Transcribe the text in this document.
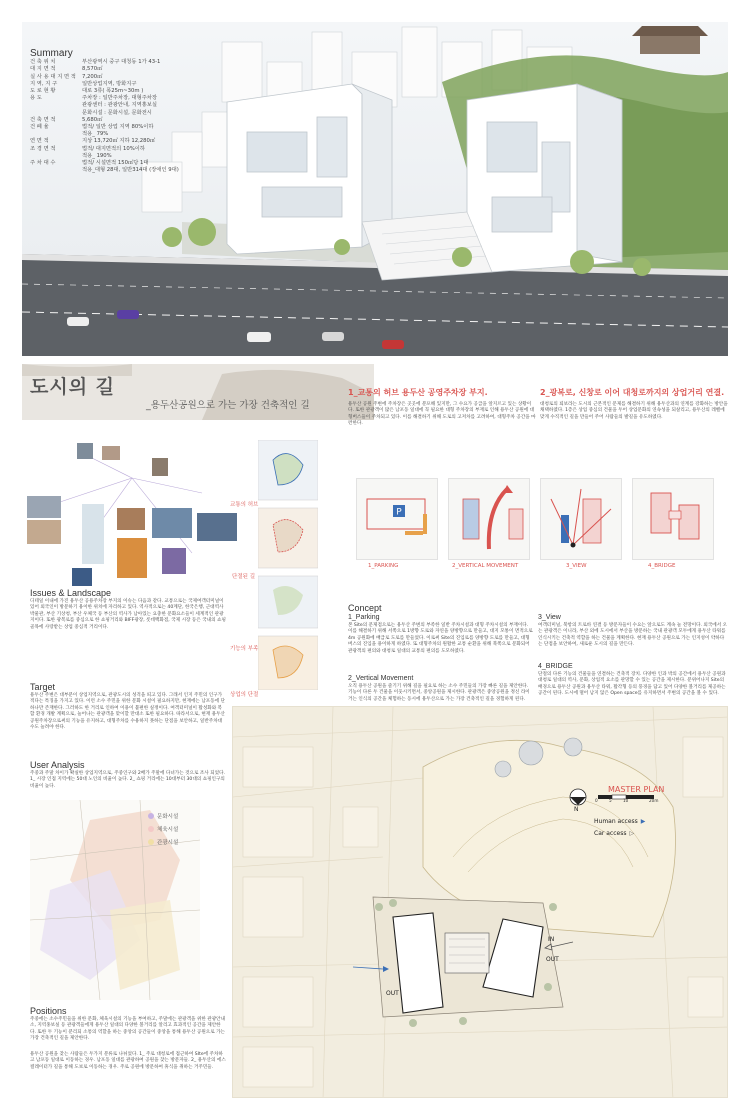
Summary
건 축 위 치	부산광역시 중구 대청동 1가 43-1
대 지 면 적	8,570㎡
실 사 용 대 지 면 적	7,200㎡
지 역, 지 구	일반상업지역, 방화지구
도 로 현 황	대로 3류( 폭25m~30m )
용 도	주차장 : 일반주차장, 대형주차장
관광센터 : 관광안내, 지역홍보실
문화시설 : 문화시설, 문화전시
건 축 면 적	5,680㎡
건 폐 율	법적/ 일반 상업 지역 80%이하
적용_ 79%
연 면 적	지상 13,720㎡ 지하 12,280㎡
조 경 면 적	법적/ 대지면적의 10%이하
적용_ 190%
주 차 대 수	법적/ 시설면적 150㎡당 1대
적용_대형 28대, 일반314대 (장애인 9대)
도시의 길
_용두산공원으로 가는 가장 건축적인 길
1_교통의 허브 용두산 공영주차장 부지.
용두산 공원 주변에 주차장은 곳곳에 분포해 있지만, 그 수요가 공급을 앞지르고 있는 상황이다. 또한 관광객이 많은 남포동 일대에 꼭 필요한 대형 주차장의 부재로 인해 용두산 공원에 대형버스들이 주차되고 있다. 이를 해결하기 위해 도로의 고저차를 고려하여, 대형주차 공간을 마련한다.
2_광복로, 신창로 이어 대청로까지의 상업거리 연결.
대청로의 퇴보라는 도시의 근본적인 문제를 해결하기 위해 용두산과의 연계를 강화하는 방안을 채택하였다. 1층은 상업 중심의 건물을 두어 상업문화의 연속성을 되살리고, 용두산의 레벨에 맞게 수직적인 길을 만들어 주어 사람들의 발길을 유도하였다.
P
1_PARKING	2_VERTICAL MOVEMENT	3_VIEW	4_BRIDGE
교통의 허브
단절된 길
기능의 부족
상업의 단절
Issues & Landscape
디테일 이내에 가진 용두산 공용주차장 부지의 이슈는 다음과 같다. 교통으로는 국제여객터미널이 있어 외국인이 방문하기 용이한 위치에 자리하고 있다. 역사적으로는 40계단, 한국은행, 근대역사박물관, 부산 기상청, 부산 우체국 등 부산의 역사가 남아있는 요충한 문화요소들이 세계적인 관광지이다. 또한 광복로를 중심으로 한 쇼핑거리와 BIFF광장, 롯데백화점, 국제 시장 등은 국내의 쇼핑골목에 사랑받는 상업 중심적 거리이다.
Target
용두산 주변은 대부분이 상업지역으로, 관광도시의 성격을 띄고 있다. 그래서 인지 주민의 인구가 적다는 특징을 가지고 있다. 이런 소수 주민을 위한 문화 시설이 필요하지만, 현재에는 남포동에 단 하나만 존재한다. 그러하도 한 거리로 인하여 이용이 불편한 실정이다. 여객터미널이 활성화와 복합 환경 개발 계획으로, 늘어나는 관광객을 맞이할 만대소 또한 필요하다. 따라서으로, 현재 용두산 공원주차장으로써의 기능을 유지하고, 대형주차를 수용하지 못하는 단점을 보안하고, 일반주차대수도 늘려야 한다.
User Analysis
주중과 주말 차이가 확실한 상업지역으로, 주중인구와 2배가 주말에 다녀가는 것으로 조사 되었다. 1_ 시장 인접 지역에는 50대 노인의 비율이 높다. 2_ 쇼핑 거리에는 10대부터 30대의 쇼핑인구의 비율이 높다.
문화시설
체육시설
관광시설
Positions
주중에는 소수주민들을 위한 문화, 체육시설의 기능을 부여하고, 주말에는 관광객을 위한 관광안내소, 지역홍보실 등 관광객들에게 용두산 일대의 다양한 볼거리를 알리고 효과적인 공간을 제안한다. 또한 두 기능이 분리되 소통의 역할을 하는 중앙의 공간들이 중앙을 통해 용두산 공원으로 가는 가장 건축적인 길을 제안한다.
용두산 공원을 찾는 사람들은 두가지 분류로 나뉘었다. 1_ 주로 대청로에 접근하여 SIte에 주차하고 남포동 일대로 이동하는 경우. 남포동 일대를 관광하여 공원을 찾는 방문자들. 2_ 용두산의 에스컬레이터가 길을 통해 도보로 이동하는 경우. 주로 공원에 방문하여 휴식을 취하는 거주민들.
Concept
1_Parking
본 Site의 문제점으로는 용두산 주변의 부족한 일반 주차시설과 대형 주차시설의 부재이다. 이를 해결하기 위해 서쪽으로 1방향 도로와 자연을 양방향으로 만들고, 대지 모퉁이 면적으로 4m 공원화에 배급로 도로를 만들었다. 이로써 Site의 진입로를 양방향 도로를 만들고, 대형버스의 진입을 용이하게 하였다. 또 대형주차의 원활한 교통 순환을 위해 북쪽으로 문화되어 관광객의 편의와 대청로 일대의 교통의 편의를 도모하였다.
2_Vertical Movement
오직 용두산 공원을 즐기기 위해 길을 필요로 하는 소수 주민들의 가장 빠른 길을 제안한다. 기능이 다른 두 건물을 이웃시키면서, 중앙공원을 제시한다. 관광객은 중앙공원을 정신 라이거는 인식의 공간을 체험하는 동시에 용두산으로 가는 가장 건축적인 길을 경험하게 된다.
3_View
여객터미널, 북항의 트로바 연결 등 방문자들이 수요는 앞으로도 계속 늘 전망이다. 외국에서 오는 관광객은 이니라, 부산 외에 도시에서 부산을 방문하는 국내 관광객 모두에게 용두산 타워를 인식시키는 건축적 역할을 하는 건물을 계획한다. 현재 용두산 공원으로 가는 인지성이 약하다는 단점을 보안하여, 새로운 도시의 길을 만든다.
4_BRIDGE
단절의 다른 기능의 건물들을 연결하는 건축적 장치. 다양한 인과 박의 공간에서 용두산 공원과 대청로 일대의 역사, 문화, 상업적 요소를 관망할 수 있는 공간을 제시한다. 분위어나지 Site의 배경으로 용두산 공원과 용두산 타워, 활각형 등의 풍경을 담고 있어 다양한 볼거리를 제공하는 공간이 된다. 도시에 떨어 남지 않은 Open space를 유지하면서 주변의 공간을 볼 수 있다.
MASTER PLAN
N
0	5	10	20m
Human access ▶
Car access ▷
IN
OUT
OUT
